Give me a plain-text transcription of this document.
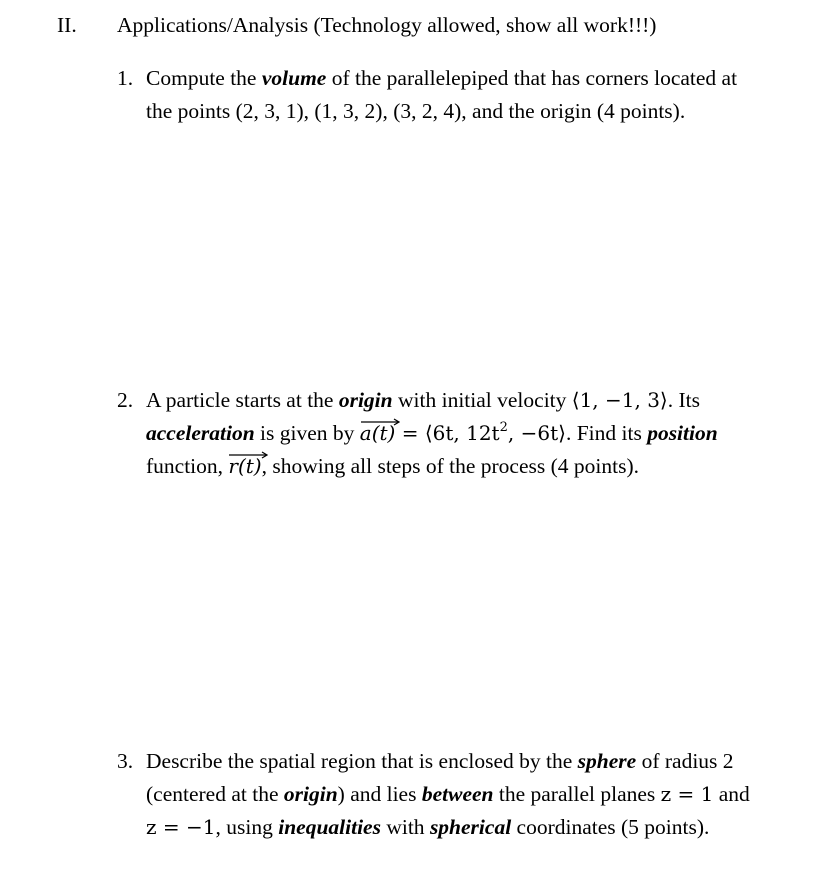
II. Applications/Analysis (Technology allowed, show all work!!!)
1. Compute the volume of the parallelepiped that has corners located at
the points (2, 3, 1), (1, 3, 2), (3, 2, 4), and the origin (4 points).
2. A particle starts at the origin with initial velocity ⟨1, −1, 3⟩. Its
acceleration is given by
a(t) = ⟨6t, $12t^2$, −6t⟩. Find its position
function,
r(t), showing all steps of the process (4 points).
3. Describe the spatial region that is enclosed by the sphere of radius 2
(centered at the origin) and lies between the parallel planes z = 1 and
z = −1, using inequalities with spherical coordinates (5 points).
